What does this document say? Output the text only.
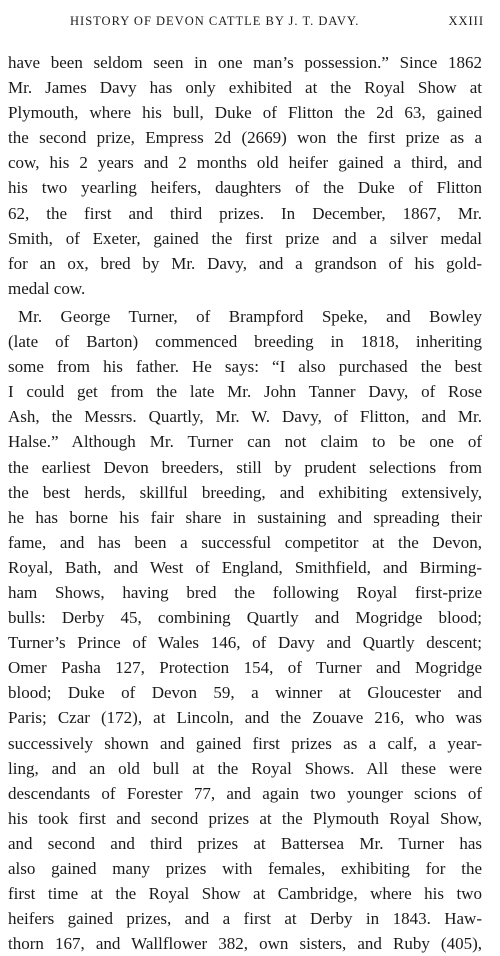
HISTORY OF DEVON CATTLE BY J. T. DAVY.	XXIII
have been seldom seen in one man’s possession.” Since 1862
Mr. James Davy has only exhibited at the Royal Show at
Plymouth, where his bull, Duke of Flitton the 2d 63, gained
the second prize, Empress 2d (2669) won the first prize as a
cow, his 2 years and 2 months old heifer gained a third, and
his two yearling heifers, daughters of the Duke of Flitton
62, the first and third prizes. In December, 1867, Mr.
Smith, of Exeter, gained the first prize and a silver medal
for an ox, bred by Mr. Davy, and a grandson of his gold-
medal cow.
Mr. George Turner, of Brampford Speke, and Bowley
(late of Barton) commenced breeding in 1818, inheriting
some from his father. He says: “I also purchased the best
I could get from the late Mr. John Tanner Davy, of Rose
Ash, the Messrs. Quartly, Mr. W. Davy, of Flitton, and Mr.
Halse.” Although Mr. Turner can not claim to be one of
the earliest Devon breeders, still by prudent selections from
the best herds, skillful breeding, and exhibiting extensively,
he has borne his fair share in sustaining and spreading their
fame, and has been a successful competitor at the Devon,
Royal, Bath, and West of England, Smithfield, and Birming-
ham Shows, having bred the following Royal first-prize
bulls: Derby 45, combining Quartly and Mogridge blood;
Turner’s Prince of Wales 146, of Davy and Quartly descent;
Omer Pasha 127, Protection 154, of Turner and Mogridge
blood; Duke of Devon 59, a winner at Gloucester and
Paris; Czar (172), at Lincoln, and the Zouave 216, who was
successively shown and gained first prizes as a calf, a year-
ling, and an old bull at the Royal Shows. All these were
descendants of Forester 77, and again two younger scions of
his took first and second prizes at the Plymouth Royal Show,
and second and third prizes at Battersea Mr. Turner has
also gained many prizes with females, exhibiting for the
first time at the Royal Show at Cambridge, where his two
heifers gained prizes, and a first at Derby in 1843. Haw-
thorn 167, and Wallflower 382, own sisters, and Ruby (405),
